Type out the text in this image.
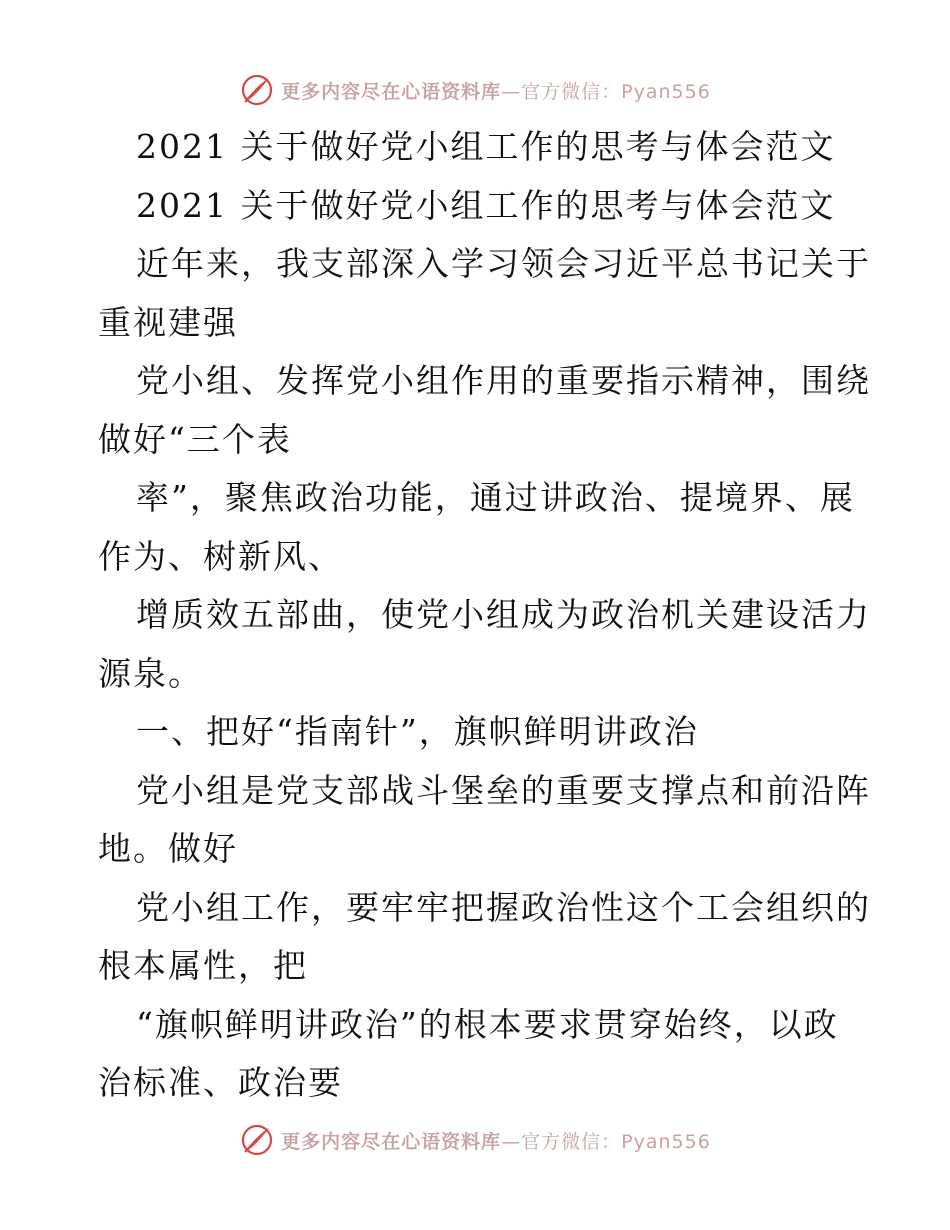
更多内容尽在心语资料库—官方微信：Pyan556
2021 关于做好党小组工作的思考与体会范文
2021 关于做好党小组工作的思考与体会范文
近年来，我支部深入学习领会习近平总书记关于
重视建强
党小组、发挥党小组作用的重要指示精神，围绕
做好“三个表
率”，聚焦政治功能，通过讲政治、提境界、展
作为、树新风、
增质效五部曲，使党小组成为政治机关建设活力
源泉。
一、把好“指南针”，旗帜鲜明讲政治
党小组是党支部战斗堡垒的重要支撑点和前沿阵
地。做好
党小组工作，要牢牢把握政治性这个工会组织的
根本属性，把
“旗帜鲜明讲政治”的根本要求贯穿始终，以政
治标准、政治要
更多内容尽在心语资料库—官方微信：Pyan556
